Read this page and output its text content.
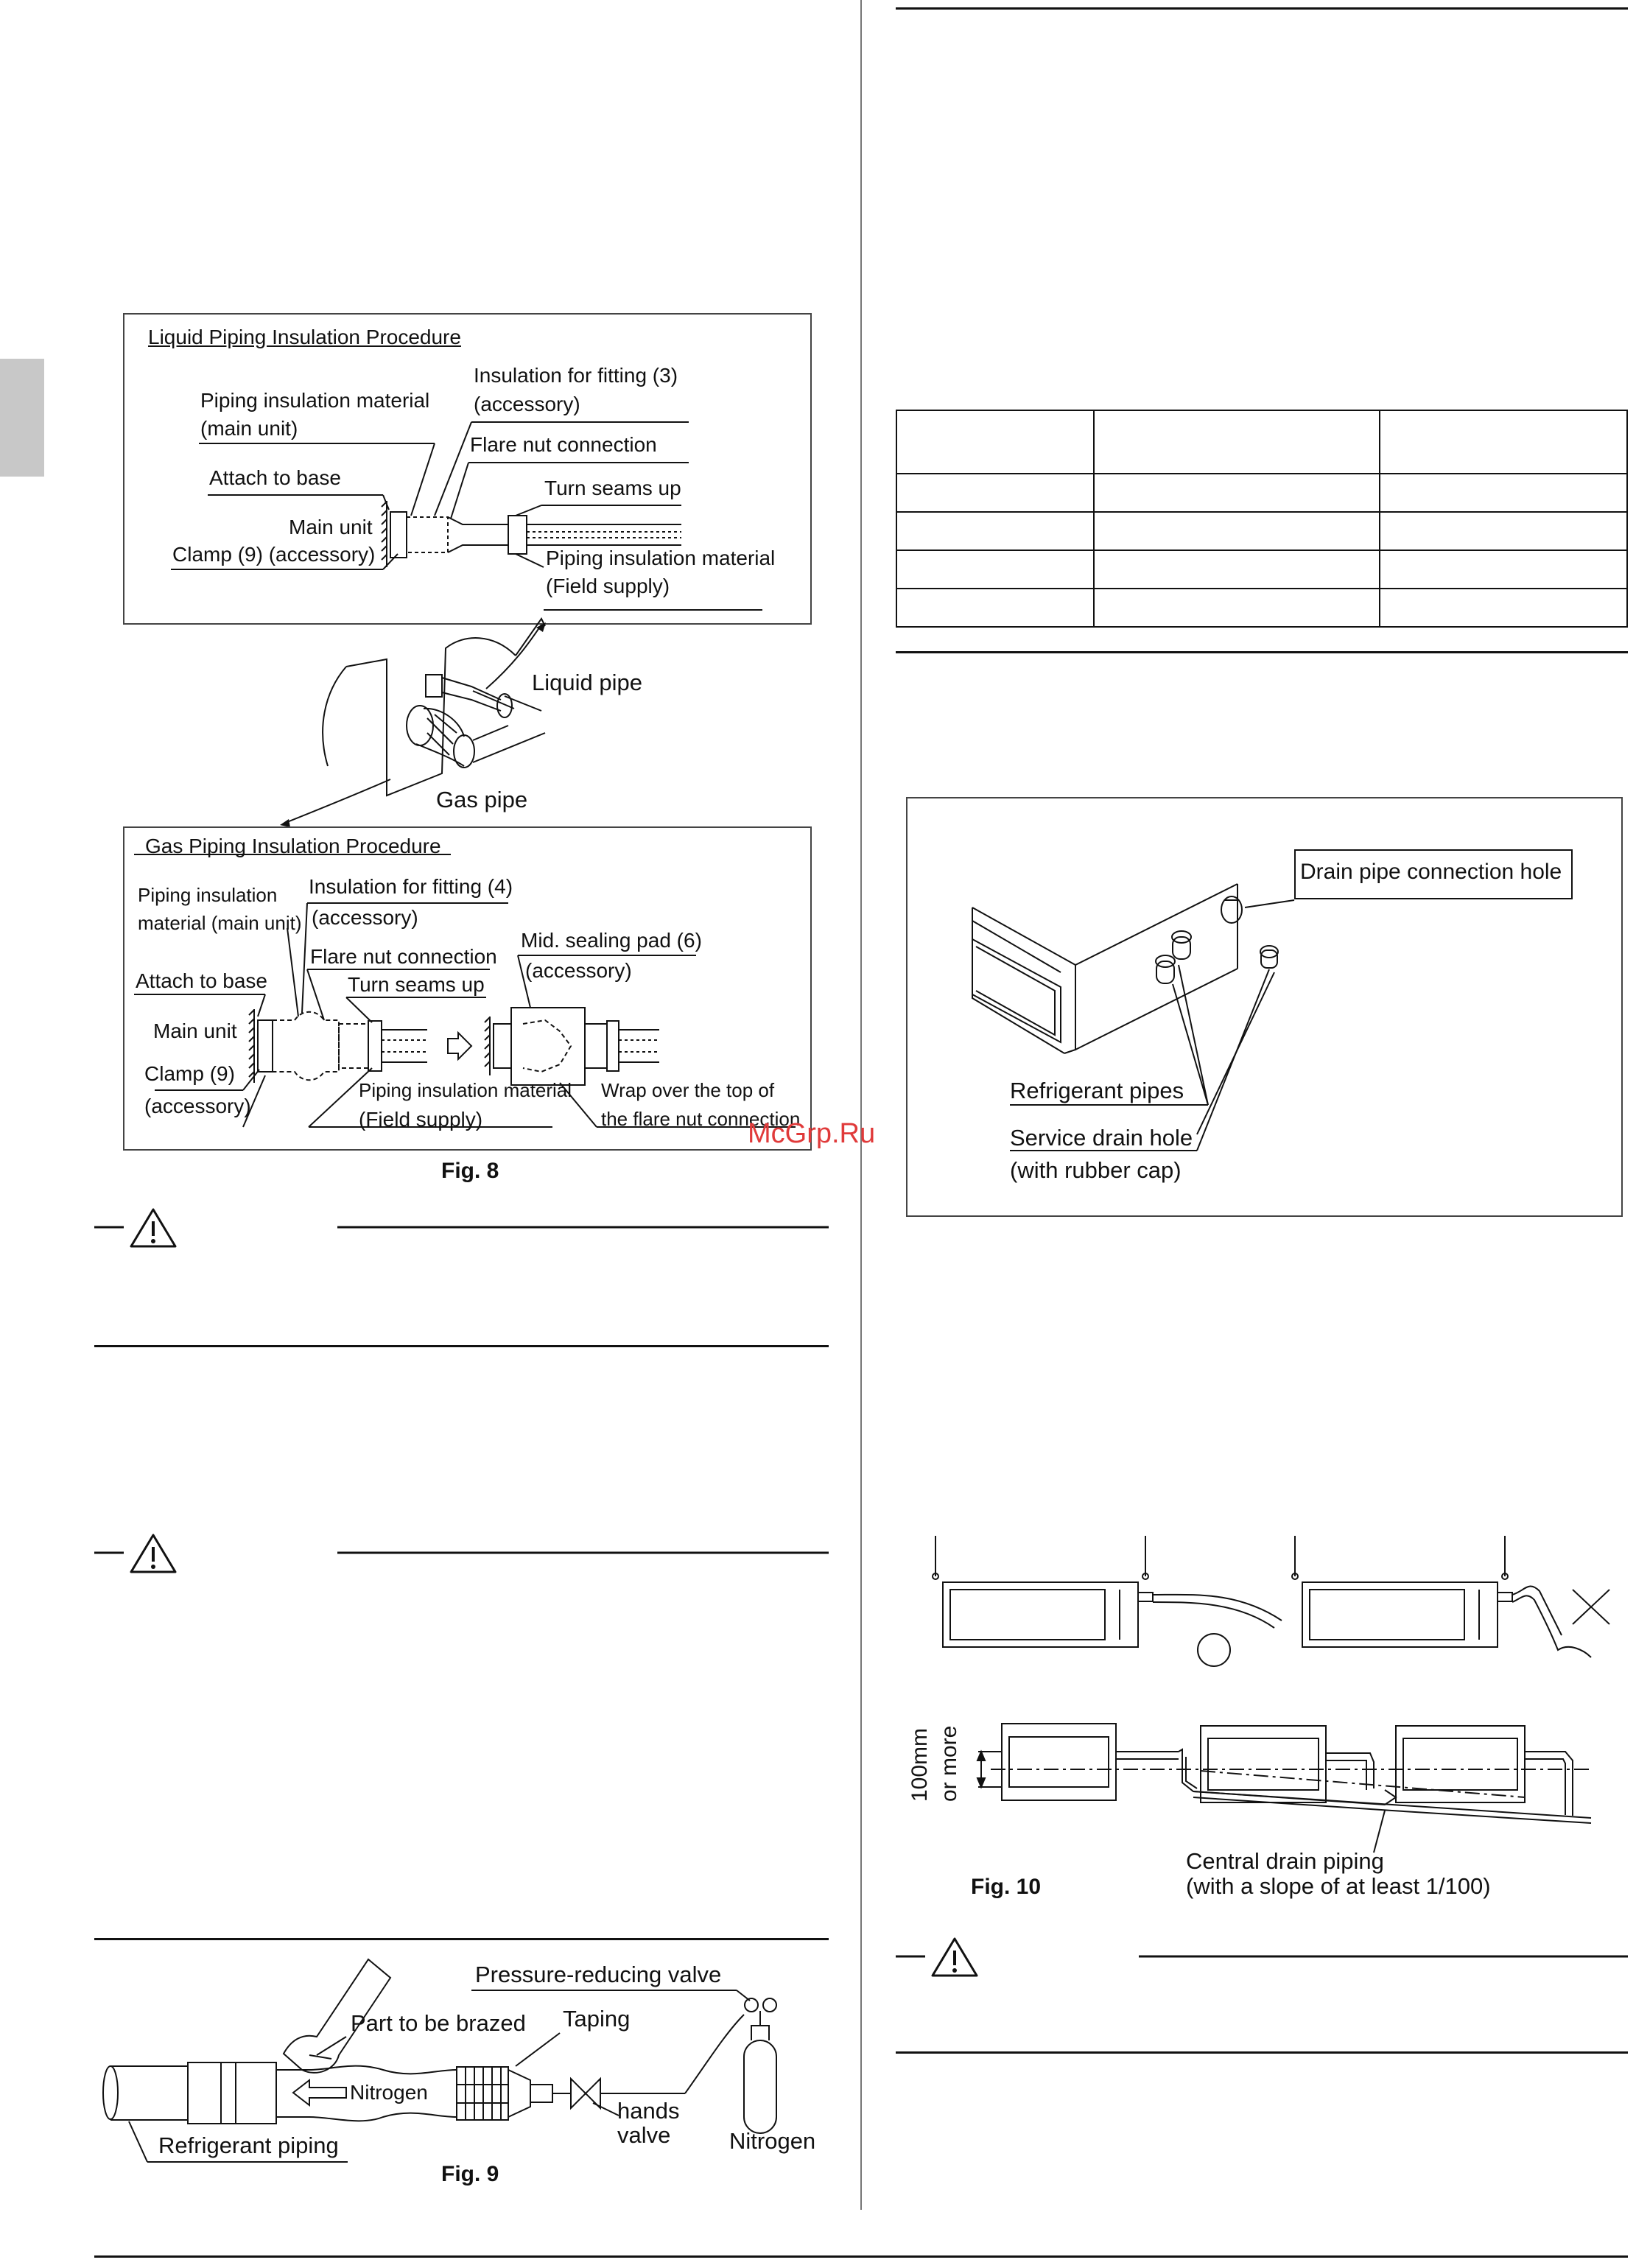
Liquid Piping Insulation Procedure
Piping insulation material
(main unit)
Insulation for fitting (3)
(accessory)
Flare nut connection
Attach to base	Turn seams up
Main unit
Clamp (9) (accessory)	Piping insulation material
(Field supply)
Liquid pipe
Gas pipe
Gas Piping Insulation Procedure
Piping insulation
material (main unit)
Insulation for fitting (4)
(accessory)
Flare nut connection
Mid. sealing pad (6)
(accessory)
Attach to base	Turn seams up
Main unit
Clamp (9)
(accessory)
Piping insulation material
(Field supply)
Wrap over the top of
the flare nut connection
Fig. 8
McGrp.Ru
Pressure-reducing valve
Part to be brazed Taping
Nitrogen
hands
valve	Nitrogen
Refrigerant piping
Fig. 9

Drain pipe connection hole
Refrigerant pipes
Service drain hole
(with rubber cap)
100mm or more
Central drain piping
(with a slope of at least 1/100)
Fig. 10
